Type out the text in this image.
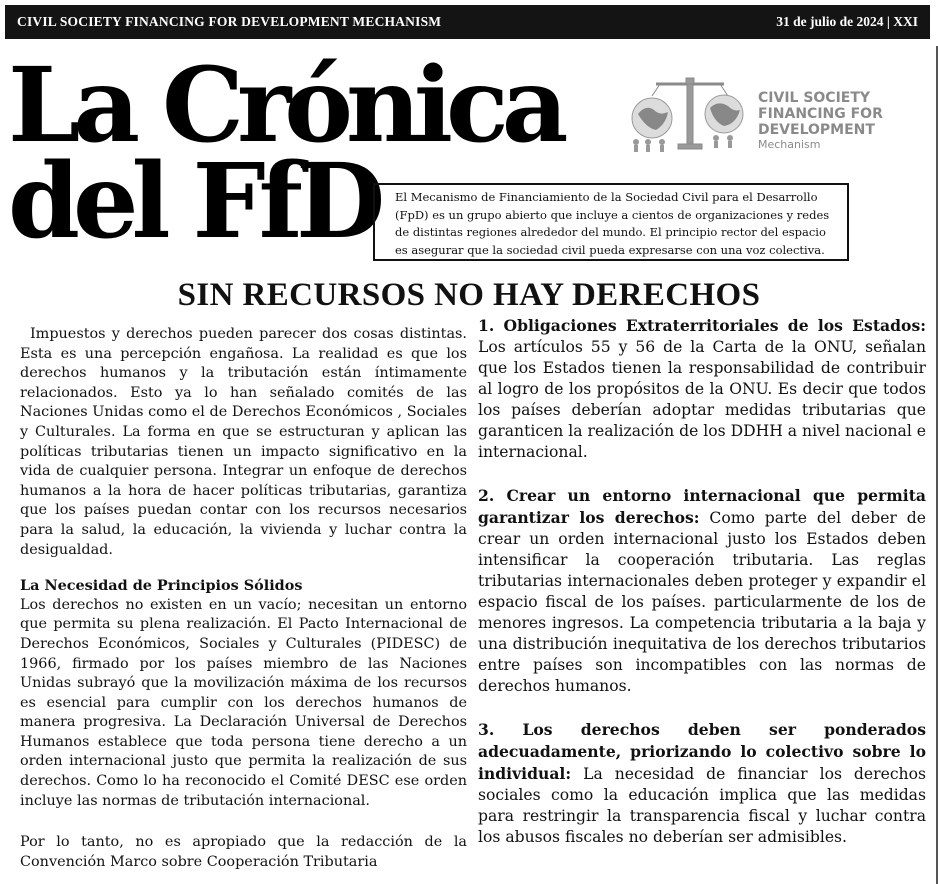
CIVIL SOCIETY FINANCING FOR DEVELOPMENT MECHANISM	31 de julio de 2024 | XXI
La Crónica
del FfD
CIVIL SOCIETY
FINANCING FOR
DEVELOPMENT
Mechanism
El Mecanismo de Financiamiento de la Sociedad Civil para el Desarrollo (FpD) es un grupo abierto que incluye a cientos de organizaciones y redes de distintas regiones alrededor del mundo. El principio rector del espacio es asegurar que la sociedad civil pueda expresarse con una voz colectiva.
SIN RECURSOS NO HAY DERECHOS

Impuestos y derechos pueden parecer dos cosas distintas. Esta es una percepción engañosa. La realidad es que los derechos humanos y la tributación están íntimamente relacionados. Esto ya lo han señalado comités de las Naciones Unidas como el de Derechos Económicos , Sociales y Culturales. La forma en que se estructuran y aplican las políticas tributarias tienen un impacto significativo en la vida de cualquier persona. Integrar un enfoque de derechos humanos a la hora de hacer políticas tributarias, garantiza que los países puedan contar con los recursos necesarios para la salud, la educación, la vivienda y luchar contra la desigualdad.

La Necesidad de Principios Sólidos

Los derechos no existen en un vacío; necesitan un entorno que permita su plena realización. El Pacto Internacional de Derechos Económicos, Sociales y Culturales (PIDESC) de 1966, firmado por los países miembro de las Naciones Unidas subrayó que la movilización máxima de los recursos es esencial para cumplir con los derechos humanos de manera progresiva. La Declaración Universal de Derechos Humanos establece que toda persona tiene derecho a un orden internacional justo que permita la realización de sus derechos. Como lo ha reconocido el Comité DESC ese orden incluye las normas de tributación internacional.

Por lo tanto, no es apropiado que la redacción de la Convención Marco sobre Cooperación Tributaria

1. Obligaciones Extraterritoriales de los Estados: Los artículos 55 y 56 de la Carta de la ONU, señalan que los Estados tienen la responsabilidad de contribuir al logro de los propósitos de la ONU. Es decir que todos los países deberían adoptar medidas tributarias que garanticen la realización de los DDHH a nivel nacional e internacional.

2. Crear un entorno internacional que permita garantizar los derechos: Como parte del deber de crear un orden internacional justo los Estados deben intensificar la cooperación tributaria. Las reglas tributarias internacionales deben proteger y expandir el espacio fiscal de los países. particularmente de los de menores ingresos. La competencia tributaria a la baja y una distribución inequitativa de los derechos tributarios entre países son incompatibles con las normas de derechos humanos.

3. Los derechos deben ser ponderados adecuadamente, priorizando lo colectivo sobre lo individual: La necesidad de financiar los derechos sociales como la educación implica que las medidas para restringir la transparencia fiscal y luchar contra los abusos fiscales no deberían ser admisibles.
